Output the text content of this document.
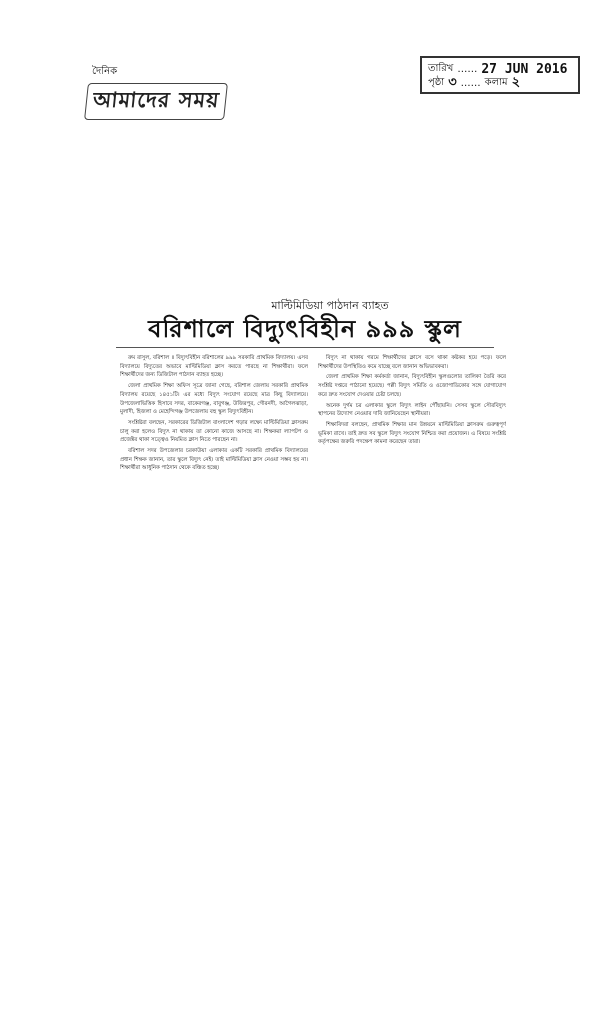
দৈনিক
আমাদের সময়
তারিখ …… 27 JUN 2016
পৃষ্ঠা ৩ …… কলাম ২
মাল্টিমিডিয়া পাঠদান ব্যাহত
বরিশালে বিদ্যুৎবিহীন ৯৯৯ স্কুল

রুম রাসুল, বরিশাল ॥ বিদ্যুৎবিহীন বরিশালের ৯৯৯ সরকারি প্রাথমিক বিদ্যালয়। এসব বিদ্যালয়ে বিদ্যুতের অভাবে মাল্টিমিডিয়া ক্লাস করতে পারছে না শিক্ষার্থীরা। ফলে শিক্ষার্থীদের জন্য ডিজিটাল পাঠদান ব্যাহত হচ্ছে।

জেলা প্রাথমিক শিক্ষা অফিস সূত্রে জানা গেছে, বরিশাল জেলায় সরকারি প্রাথমিক বিদ্যালয় রয়েছে ১৪৫১টি। এর মধ্যে বিদ্যুৎ সংযোগ রয়েছে মাত্র কিছু বিদ্যালয়ে। উপজেলাভিত্তিক হিসাবে সদর, বাকেরগঞ্জ, বাবুগঞ্জ, উজিরপুর, গৌরনদী, আগৈলঝাড়া, মুলাদী, হিজলা ও মেহেন্দিগঞ্জ উপজেলায় বহু স্কুল বিদ্যুৎবিহীন।

সংশ্লিষ্টরা বলছেন, সরকারের ডিজিটাল বাংলাদেশ গড়ার লক্ষ্যে মাল্টিমিডিয়া ক্লাসরুম চালু করা হলেও বিদ্যুৎ না থাকায় তা কোনো কাজে আসছে না। শিক্ষকরা ল্যাপটপ ও প্রজেক্টর থাকা সত্ত্বেও নিয়মিত ক্লাস নিতে পারছেন না।

বরিশাল সদর উপজেলার চরকাউয়া এলাকার একটি সরকারি প্রাথমিক বিদ্যালয়ের প্রধান শিক্ষক জানান, তার স্কুলে বিদ্যুৎ নেই। তাই মাল্টিমিডিয়া ক্লাস নেওয়া সম্ভব হয় না। শিক্ষার্থীরা আধুনিক পাঠদান থেকে বঞ্চিত হচ্ছে।

বিদ্যুৎ না থাকায় গরমে শিক্ষার্থীদের ক্লাসে বসে থাকা কষ্টকর হয়ে পড়ে। ফলে শিক্ষার্থীদের উপস্থিতিও কমে যাচ্ছে বলে জানান অভিভাবকরা।

জেলা প্রাথমিক শিক্ষা কর্মকর্তা জানান, বিদ্যুৎবিহীন স্কুলগুলোর তালিকা তৈরি করে সংশ্লিষ্ট দপ্তরে পাঠানো হয়েছে। পল্লী বিদ্যুৎ সমিতি ও ওজোপাডিকোর সঙ্গে যোগাযোগ করে দ্রুত সংযোগ দেওয়ার চেষ্টা চলছে।

অনেক দুর্গম চর এলাকার স্কুলে বিদ্যুৎ লাইন পৌঁছায়নি। সেসব স্কুলে সৌরবিদ্যুৎ স্থাপনের উদ্যোগ নেওয়ার দাবি জানিয়েছেন স্থানীয়রা।

শিক্ষাবিদরা বলছেন, প্রাথমিক শিক্ষার মান উন্নয়নে মাল্টিমিডিয়া ক্লাসরুম গুরুত্বপূর্ণ ভূমিকা রাখে। তাই দ্রুত সব স্কুলে বিদ্যুৎ সংযোগ নিশ্চিত করা প্রয়োজন। এ বিষয়ে সংশ্লিষ্ট কর্তৃপক্ষের জরুরি পদক্ষেপ কামনা করেছেন তারা।
